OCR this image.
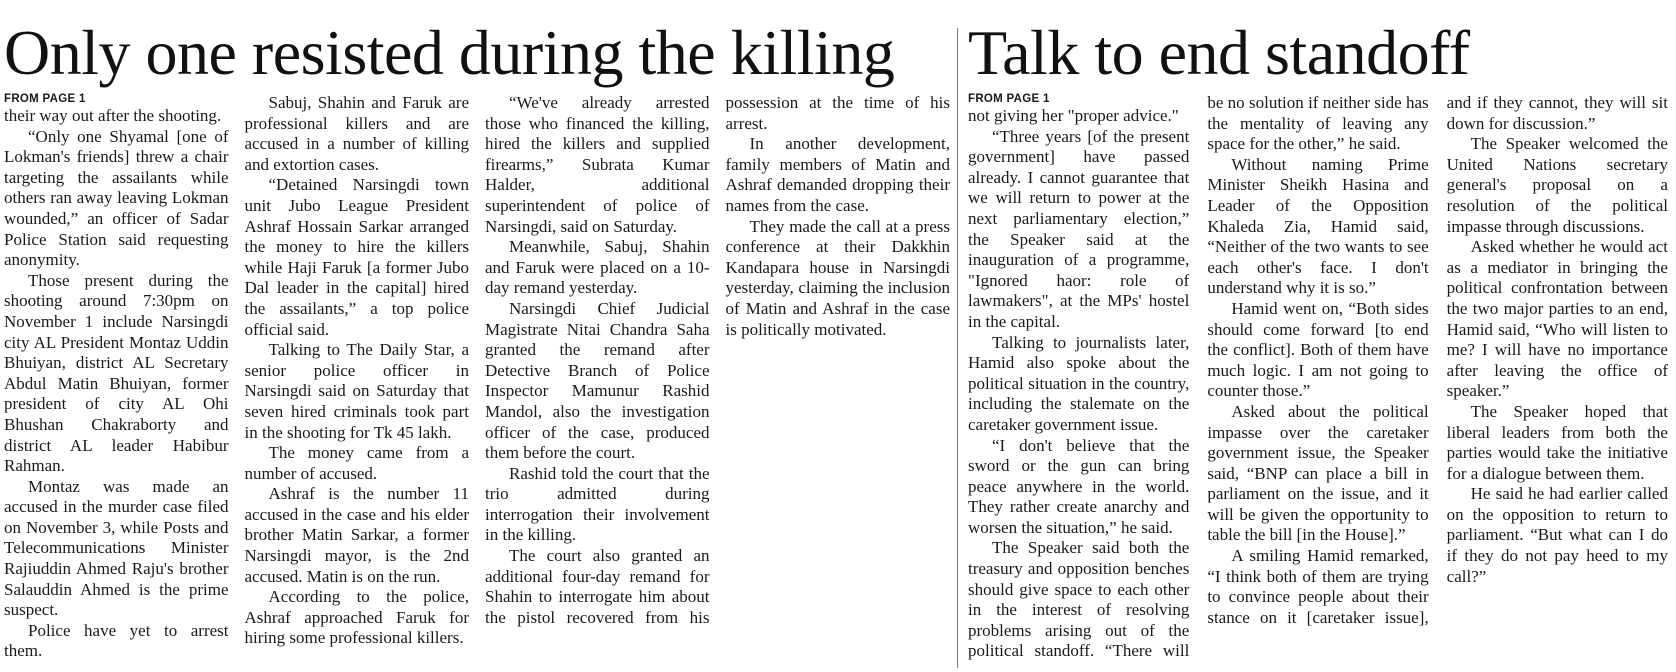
Only one resisted during the killing
FROM PAGE 1

their way out after the shooting.

“Only one Shyamal [one of Lokman's friends] threw a chair targeting the assailants while others ran away leaving Lokman wounded,” an officer of Sadar Police Station said requesting anonymity.

Those present during the shooting around 7:30pm on November 1 include Narsingdi city AL President Montaz Uddin Bhuiyan, district AL Secretary Abdul Matin Bhuiyan, former president of city AL Ohi Bhushan Chakraborty and district AL leader Habibur Rahman.

Montaz was made an accused in the murder case filed on November 3, while Posts and Telecommunications Minister Rajiuddin Ahmed Raju's brother Salauddin Ahmed is the prime suspect.

Police have yet to arrest them.

Sabuj, Shahin and Faruk are professional killers and are accused in a number of killing and extortion cases.

“Detained Narsingdi town unit Jubo League President Ashraf Hossain Sarkar arranged the money to hire the killers while Haji Faruk [a former Jubo Dal leader in the capital] hired the assailants,” a top police official said.

Talking to The Daily Star, a senior police officer in Narsingdi said on Saturday that seven hired criminals took part in the shooting for Tk 45 lakh.

The money came from a number of accused.

Ashraf is the number 11 accused in the case and his elder brother Matin Sarkar, a former Narsingdi mayor, is the 2nd accused. Matin is on the run.

According to the police, Ashraf approached Faruk for hiring some professional killers.

“We've already arrested those who financed the killing, hired the killers and supplied firearms,” Subrata Kumar Halder, additional superintendent of police of Narsingdi, said on Saturday.

Meanwhile, Sabuj, Shahin and Faruk were placed on a 10-day remand yesterday.

Narsingdi Chief Judicial Magistrate Nitai Chandra Saha granted the remand after Detective Branch of Police Inspector Mamunur Rashid Mandol, also the investigation officer of the case, produced them before the court.

Rashid told the court that the trio admitted during interrogation their involvement in the killing.

The court also granted an additional four-day remand for Shahin to interrogate him about the pistol recovered from his possession at the time of his arrest.

In another development, family members of Matin and Ashraf demanded dropping their names from the case.

They made the call at a press conference at their Dakkhin Kandapara house in Narsingdi yesterday, claiming the inclusion of Matin and Ashraf in the case is politically motivated.

Talk to end standoff
FROM PAGE 1

not giving her "proper advice."

“Three years [of the present government] have passed already. I cannot guarantee that we will return to power at the next parliamentary election,” the Speaker said at the inauguration of a programme, "Ignored haor: role of lawmakers", at the MPs' hostel in the capital.

Talking to journalists later, Hamid also spoke about the political situation in the country, including the stalemate on the caretaker government issue.

“I don't believe that the sword or the gun can bring peace anywhere in the world. They rather create anarchy and worsen the situation,” he said.

The Speaker said both the treasury and opposition benches should give space to each other in the interest of resolving problems arising out of the political standoff. “There will be no solution if neither side has the mentality of leaving any space for the other,” he said.

Without naming Prime Minister Sheikh Hasina and Leader of the Opposition Khaleda Zia, Hamid said, “Neither of the two wants to see each other's face. I don't understand why it is so.”

Hamid went on, “Both sides should come forward [to end the conflict]. Both of them have much logic. I am not going to counter those.”

Asked about the political impasse over the caretaker government issue, the Speaker said, “BNP can place a bill in parliament on the issue, and it will be given the opportunity to table the bill [in the House].”

A smiling Hamid remarked, “I think both of them are trying to convince people about their stance on it [caretaker issue], and if they cannot, they will sit down for discussion.”

The Speaker welcomed the United Nations secretary general's proposal on a resolution of the political impasse through discussions.

Asked whether he would act as a mediator in bringing the political confrontation between the two major parties to an end, Hamid said, “Who will listen to me? I will have no importance after leaving the office of speaker.”

The Speaker hoped that liberal leaders from both the parties would take the initiative for a dialogue between them.

He said he had earlier called on the opposition to return to parliament. “But what can I do if they do not pay heed to my call?”
